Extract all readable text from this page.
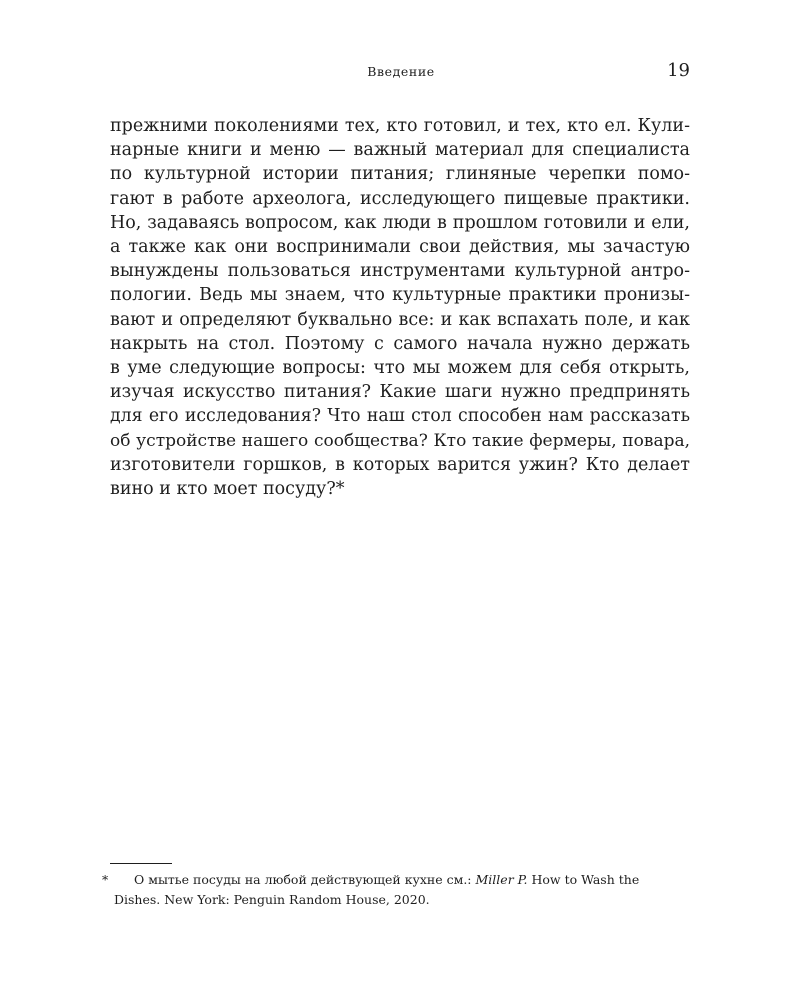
Введение	19
прежними поколениями тех, кто готовил, и тех, кто ел. Кули-
нарные книги и меню — важный материал для специалиста
по культурной истории питания; глиняные черепки помо-
гают в работе археолога, исследующего пищевые практики.
Но, задаваясь вопросом, как люди в прошлом готовили и ели,
а также как они воспринимали свои действия, мы зачастую
вынуждены пользоваться инструментами культурной антро-
пологии. Ведь мы знаем, что культурные практики пронизы-
вают и определяют буквально все: и как вспахать поле, и как
накрыть на стол. Поэтому с самого начала нужно держать
в уме следующие вопросы: что мы можем для себя открыть,
изучая искусство питания? Какие шаги нужно предпринять
для его исследования? Что наш стол способен нам рассказать
об устройстве нашего сообщества? Кто такие фермеры, повара,
изготовители горшков, в которых варится ужин? Кто делает
вино и кто моет посуду?*
* О мытье посуды на любой действующей кухне см.: Miller P. How to Wash the
Dishes. New York: Penguin Random House, 2020.
